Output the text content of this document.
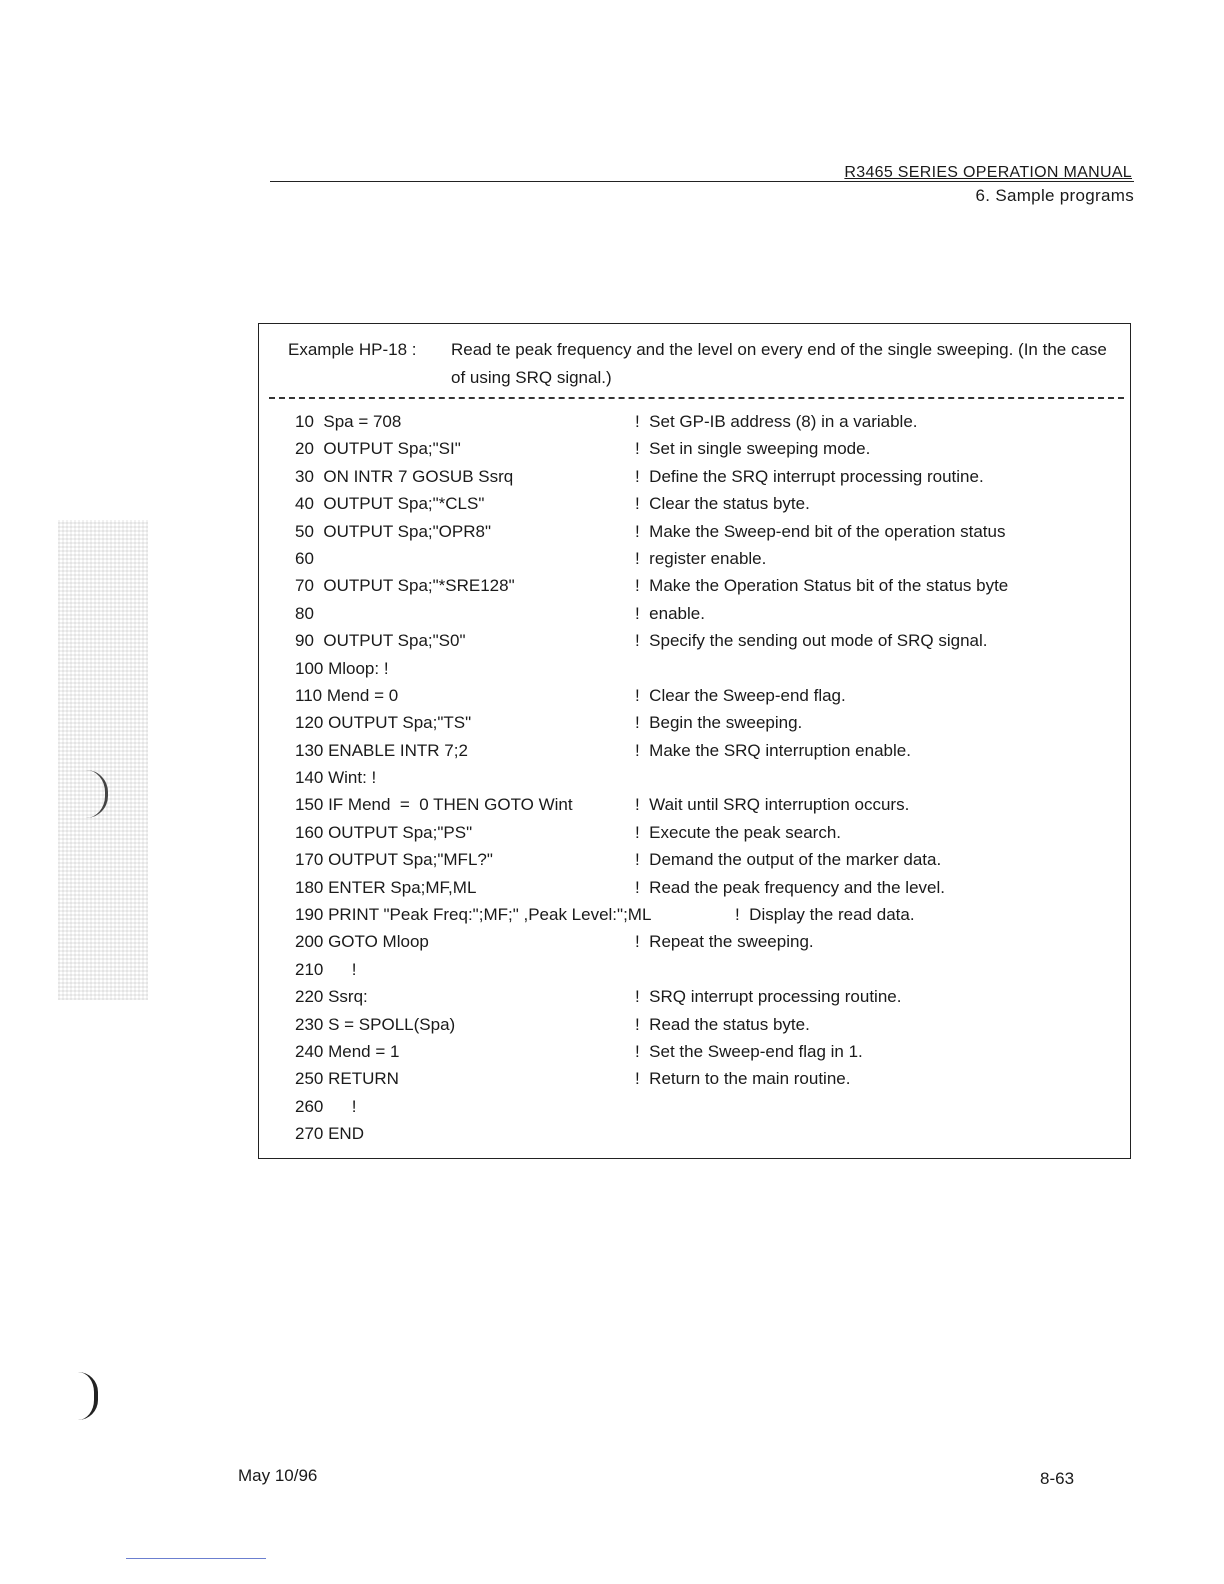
R3465 SERIES OPERATION MANUAL
6. Sample programs
Example HP-18 : Read te peak frequency and the level on every end of the single sweeping. (In the case of using SRQ signal.)
10  Spa = 708	!  Set GP-IB address (8) in a variable.
20  OUTPUT Spa;"SI"	!  Set in single sweeping mode.
30  ON INTR 7 GOSUB Ssrq	!  Define the SRQ interrupt processing routine.
40  OUTPUT Spa;"*CLS"	!  Clear the status byte.
50  OUTPUT Spa;"OPR8"	!  Make the Sweep-end bit of the operation status
60	!  register enable.
70  OUTPUT Spa;"*SRE128"	!  Make the Operation Status bit of the status byte
80	!  enable.
90  OUTPUT Spa;"S0"	!  Specify the sending out mode of SRQ signal.
100 Mloop: !
110 Mend = 0	!  Clear the Sweep-end flag.
120 OUTPUT Spa;"TS"	!  Begin the sweeping.
130 ENABLE INTR 7;2	!  Make the SRQ interruption enable.
140 Wint: !
150 IF Mend  =  0 THEN GOTO Wint	!  Wait until SRQ interruption occurs.
160 OUTPUT Spa;"PS"	!  Execute the peak search.
170 OUTPUT Spa;"MFL?"	!  Demand the output of the marker data.
180 ENTER Spa;MF,ML	!  Read the peak frequency and the level.
190 PRINT "Peak Freq:";MF;" ,Peak Level:";ML	!  Display the read data.
200 GOTO Mloop	!  Repeat the sweeping.
210      !
220 Ssrq:	!  SRQ interrupt processing routine.
230 S = SPOLL(Spa)	!  Read the status byte.
240 Mend = 1	!  Set the Sweep-end flag in 1.
250 RETURN	!  Return to the main routine.
260      !
270 END
May 10/96	8-63
